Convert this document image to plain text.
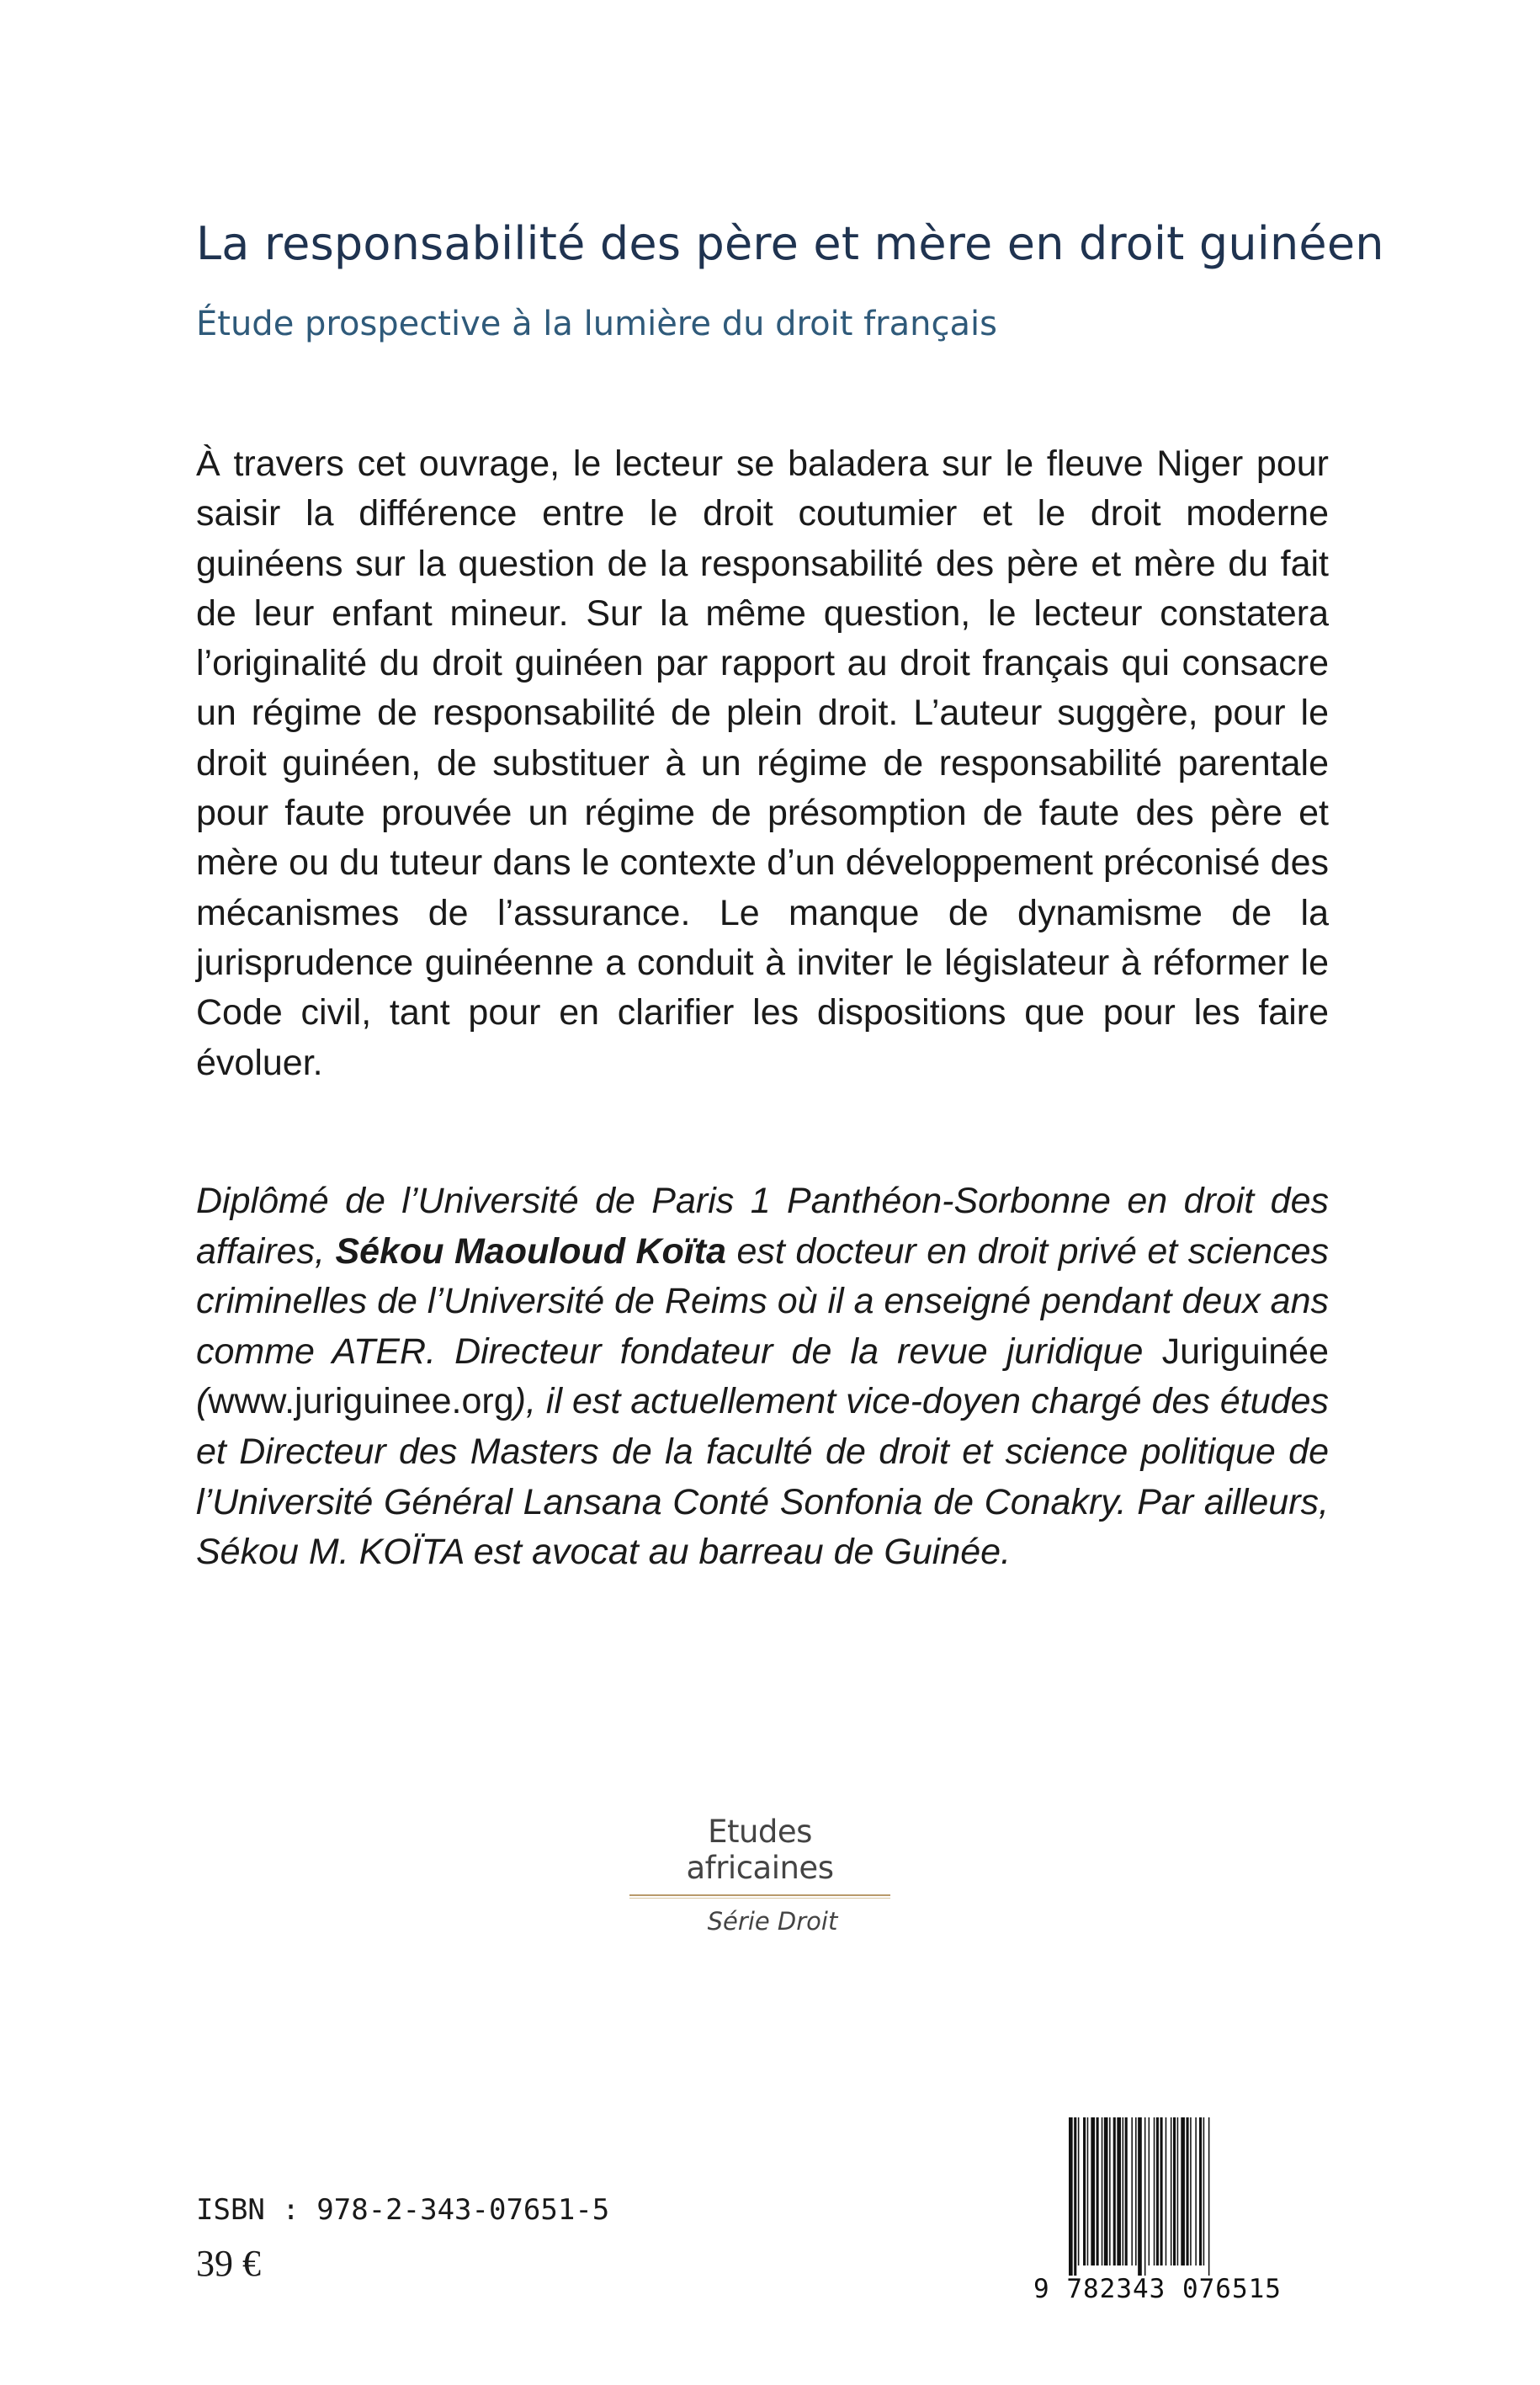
La responsabilité des père et mère en droit guinéen
Étude prospective à la lumière du droit français

À travers cet ouvrage, le lecteur se baladera sur le fleuve Niger pour saisir la différence entre le droit coutumier et le droit moderne guinéens sur la question de la responsabilité des père et mère du fait de leur enfant mineur. Sur la même question, le lecteur constatera l’originalité du droit guinéen par rapport au droit français qui consacre un régime de responsabilité de plein droit. L’auteur suggère, pour le droit guinéen, de substituer à un régime de responsabilité parentale pour faute prouvée un régime de présomption de faute des père et mère ou du tuteur dans le contexte d’un développement préconisé des mécanismes de l’assurance. Le manque de dynamisme de la jurisprudence guinéenne a conduit à inviter le législateur à réformer le Code civil, tant pour en clarifier les dispositions que pour les faire évoluer.

Diplômé de l’Université de Paris 1 Panthéon-Sorbonne en droit des affaires, Sékou Maouloud Koïta est docteur en droit privé et sciences criminelles de l’Université de Reims où il a enseigné pendant deux ans comme ATER. Directeur fondateur de la revue juridique Juriguinée (www.juriguinee.org), il est actuellement vice-doyen chargé des études et Directeur des Masters de la faculté de droit et science politique de l’Université Général Lansana Conté Sonfonia de Conakry. Par ailleurs, Sékou M. KOÏTA est avocat au barreau de Guinée.

Etudes africaines
Série Droit
ISBN : 978-2-343-07651-5
39 €
9 782343 076515
